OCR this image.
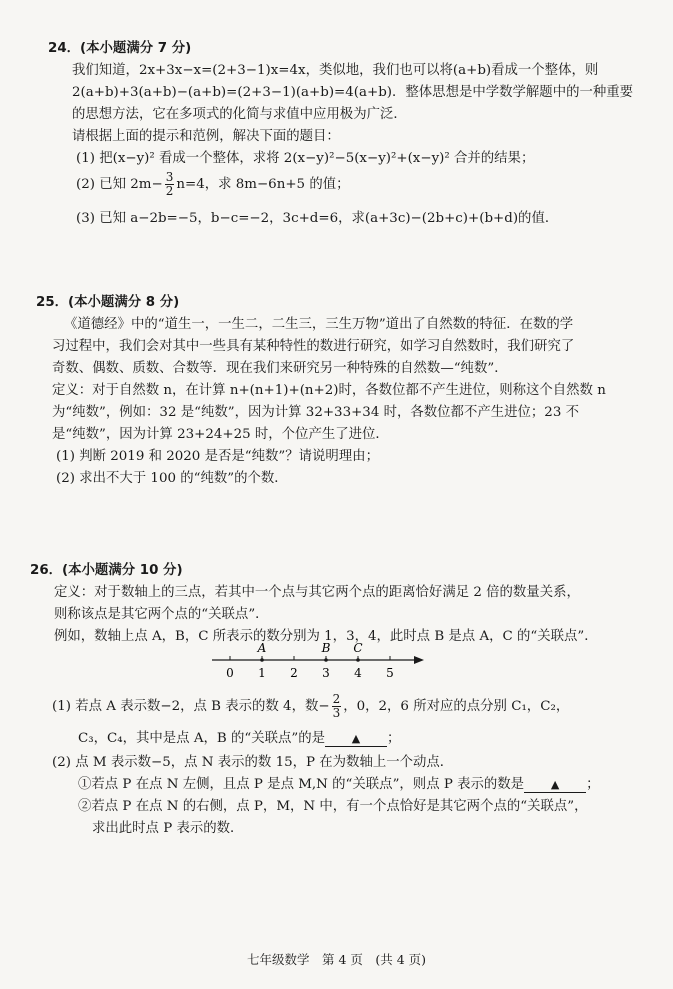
24．(本小题满分 7 分)
我们知道，2x+3x−x=(2+3−1)x=4x，类似地，我们也可以将(a+b)看成一个整体，则
2(a+b)+3(a+b)−(a+b)=(2+3−1)(a+b)=4(a+b)．整体思想是中学数学解题中的一种重要
的思想方法，它在多项式的化简与求值中应用极为广泛．
请根据上面的提示和范例，解决下面的题目：
(1) 把(x−y)² 看成一个整体，求将 2(x−y)²−5(x−y)²+(x−y)² 合并的结果；
(2) 已知 $2m- \frac{3}{2} n=4$，求 8m−6n+5 的值；
(3) 已知 a−2b=−5，b−c=−2，3c+d=6，求(a+3c)−(2b+c)+(b+d)的值．
25．(本小题满分 8 分)
《道德经》中的“道生一，一生二，二生三，三生万物”道出了自然数的特征．在数的学
习过程中，我们会对其中一些具有某种特性的数进行研究，如学习自然数时，我们研究了
奇数、偶数、质数、合数等．现在我们来研究另一种特殊的自然数—“纯数”．
定义：对于自然数 n，在计算 n+(n+1)+(n+2)时，各数位都不产生进位，则称这个自然数 n
为“纯数”，例如：32 是“纯数”，因为计算 32+33+34 时，各数位都不产生进位；23 不
是“纯数”，因为计算 23+24+25 时，个位产生了进位．
(1) 判断 2019 和 2020 是否是“纯数”？请说明理由；
(2) 求出不大于 100 的“纯数”的个数．
26．(本小题满分 10 分)
定义：对于数轴上的三点，若其中一个点与其它两个点的距离恰好满足 2 倍的数量关系，
则称该点是其它两个点的“关联点”．
例如，数轴上点 A，B，C 所表示的数分别为 1，3，4，此时点 B 是点 A，C 的“关联点”．
0 1 2 3 4 5
A	B C
(1) 若点 A 表示数−2，点 B 表示的数 4，数− $\frac{2}{3}$ ，0，2，6 所对应的点分别 C₁，C₂，
C₃，C₄，其中是点 A，B 的“关联点”的是 ▲ ；
(2) 点 M 表示数−5，点 N 表示的数 15，P 在为数轴上一个动点．
①若点 P 在点 N 左侧，且点 P 是点 M,N 的“关联点”，则点 P 表示的数是 ▲ ；
②若点 P 在点 N 的右侧，点 P，M，N 中，有一个点恰好是其它两个点的“关联点”，
求出此时点 P 表示的数．
七年级数学　第 4 页　(共 4 页)
